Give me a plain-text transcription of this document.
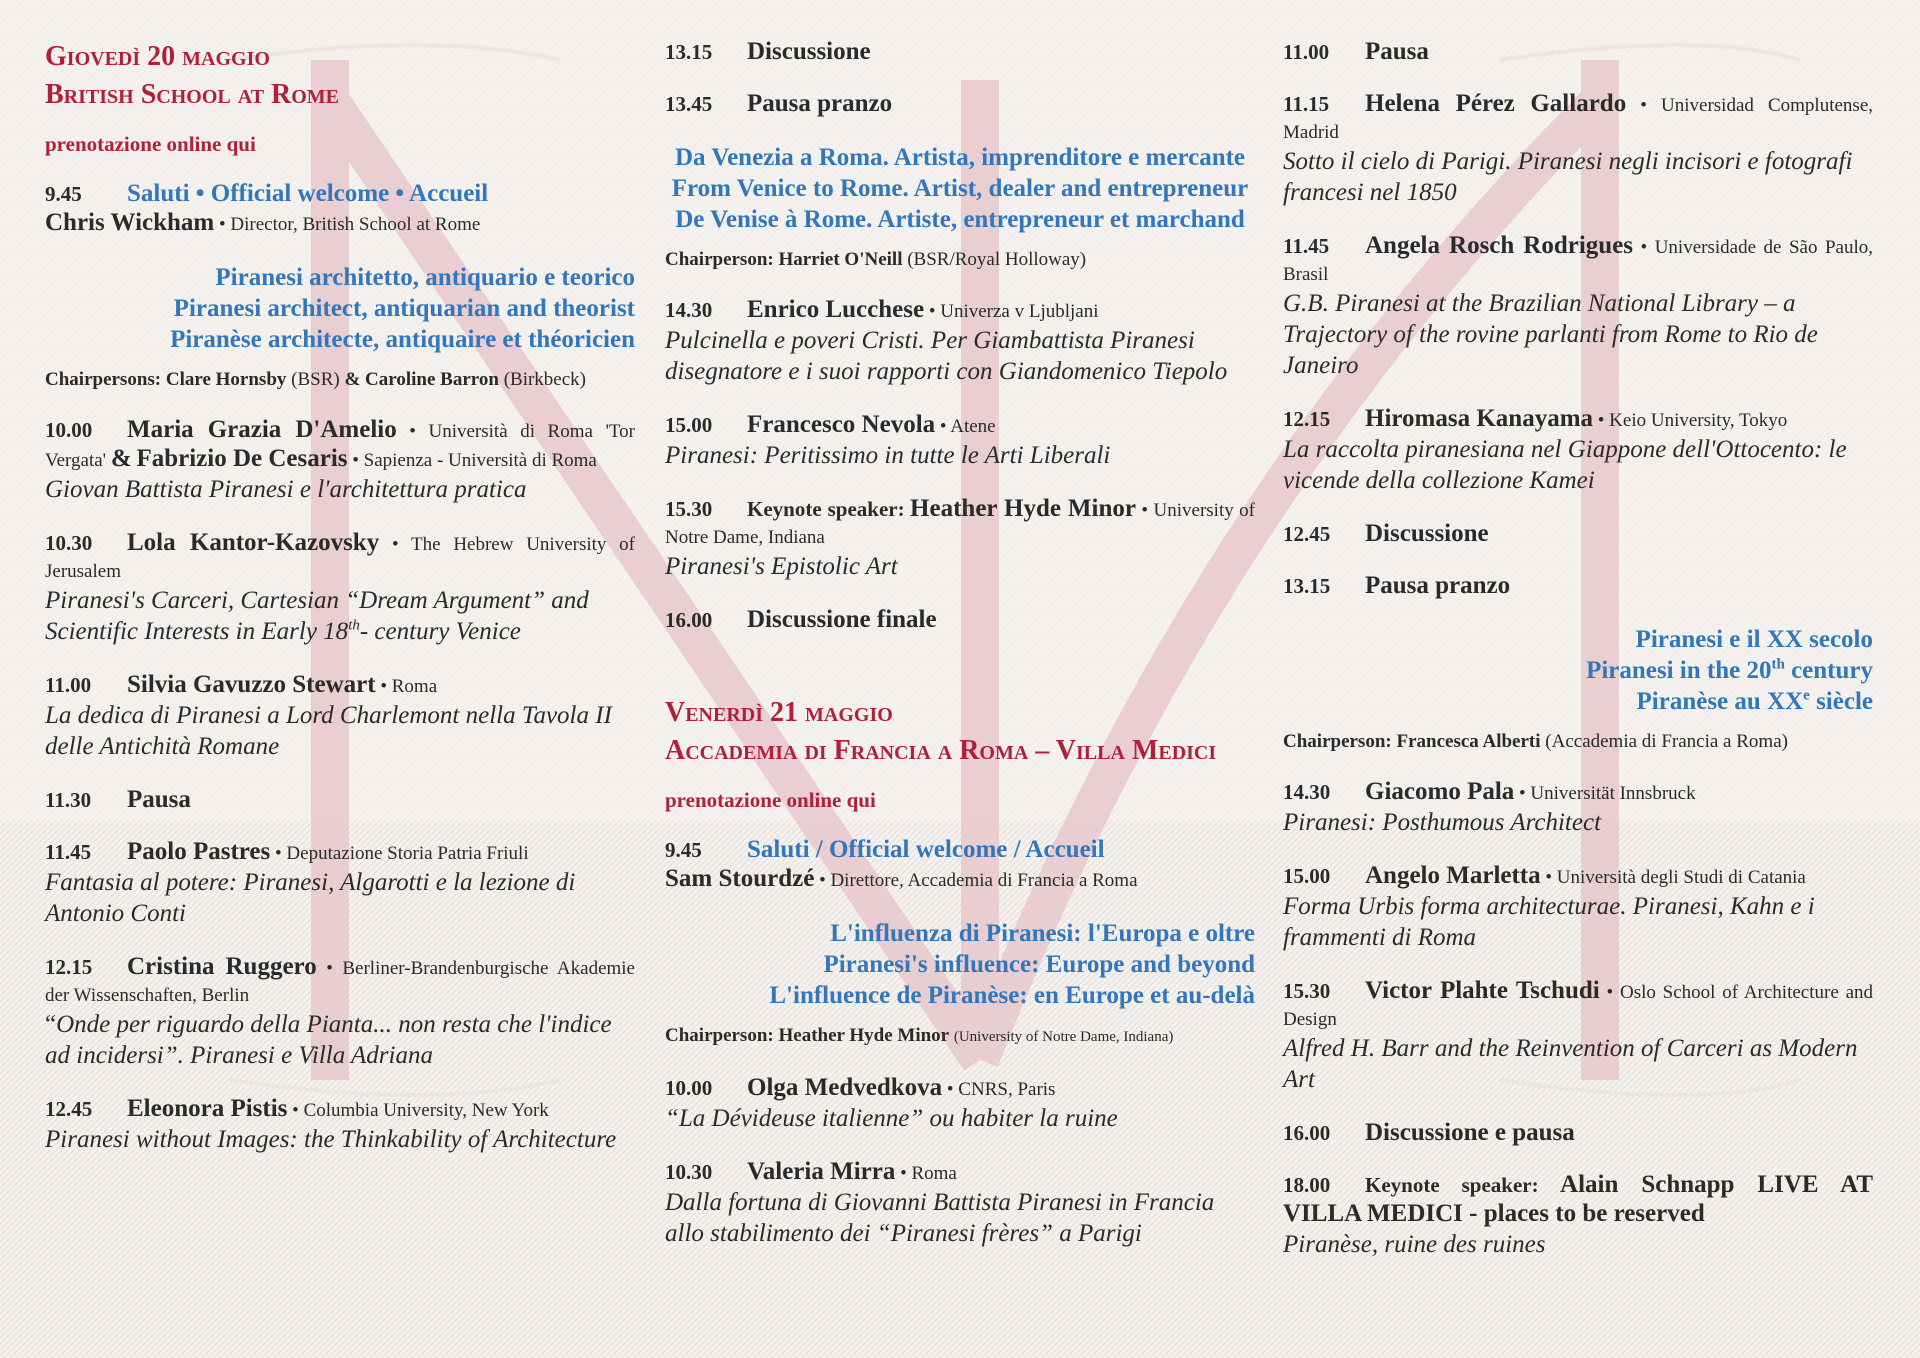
Giovedì 20 maggio
British School at Rome
prenotazione online qui
9.45 Saluti • Official welcome • Accueil
Chris Wickham • Director, British School at Rome
Piranesi architetto, antiquario e teorico
Piranesi architect, antiquarian and theorist
Piranèse architecte, antiquaire et théoricien
Chairpersons: Clare Hornsby (BSR) & Caroline Barron (Birkbeck)
10.00 Maria Grazia D'Amelio • Università di Roma 'Tor Vergata' & Fabrizio De Cesaris • Sapienza - Università di Roma
Giovan Battista Piranesi e l'architettura pratica
10.30 Lola Kantor-Kazovsky • The Hebrew University of Jerusalem
Piranesi's Carceri, Cartesian “Dream Argument” and Scientific Interests in Early 18th- century Venice
11.00 Silvia Gavuzzo Stewart • Roma
La dedica di Piranesi a Lord Charlemont nella Tavola II delle Antichità Romane
11.30 Pausa
11.45 Paolo Pastres • Deputazione Storia Patria Friuli
Fantasia al potere: Piranesi, Algarotti e la lezione di Antonio Conti
12.15 Cristina Ruggero • Berliner-Brandenburgische Akademie der Wissenschaften, Berlin
“Onde per riguardo della Pianta... non resta che l'indice ad incidersi”. Piranesi e Villa Adriana
12.45 Eleonora Pistis • Columbia University, New York
Piranesi without Images: the Thinkability of Architecture
13.15 Discussione
13.45 Pausa pranzo
Da Venezia a Roma. Artista, imprenditore e mercante
From Venice to Rome. Artist, dealer and entrepreneur
De Venise à Rome. Artiste, entrepreneur et marchand
Chairperson: Harriet O'Neill (BSR/Royal Holloway)
14.30 Enrico Lucchese • Univerza v Ljubljani
Pulcinella e poveri Cristi. Per Giambattista Piranesi disegnatore e i suoi rapporti con Giandomenico Tiepolo
15.00 Francesco Nevola • Atene
Piranesi: Peritissimo in tutte le Arti Liberali
15.30 Keynote speaker: Heather Hyde Minor • University of Notre Dame, Indiana
Piranesi's Epistolic Art
16.00 Discussione finale
Venerdì 21 maggio
Accademia di Francia a Roma – Villa Medici
prenotazione online qui
9.45 Saluti / Official welcome / Accueil
Sam Stourdzé • Direttore, Accademia di Francia a Roma
L'influenza di Piranesi: l'Europa e oltre
Piranesi's influence: Europe and beyond
L'influence de Piranèse: en Europe et au-delà
Chairperson: Heather Hyde Minor (University of Notre Dame, Indiana)
10.00 Olga Medvedkova • CNRS, Paris
“La Dévideuse italienne” ou habiter la ruine
10.30 Valeria Mirra • Roma
Dalla fortuna di Giovanni Battista Piranesi in Francia allo stabilimento dei “Piranesi frères” a Parigi
11.00 Pausa
11.15 Helena Pérez Gallardo • Universidad Complutense, Madrid
Sotto il cielo di Parigi. Piranesi negli incisori e fotografi francesi nel 1850
11.45 Angela Rosch Rodrigues • Universidade de São Paulo, Brasil
G.B. Piranesi at the Brazilian National Library – a Trajectory of the rovine parlanti from Rome to Rio de Janeiro
12.15 Hiromasa Kanayama • Keio University, Tokyo
La raccolta piranesiana nel Giappone dell'Ottocento: le vicende della collezione Kamei
12.45 Discussione
13.15 Pausa pranzo
Piranesi e il XX secolo
Piranesi in the 20th century
Piranèse au XXe siècle
Chairperson: Francesca Alberti (Accademia di Francia a Roma)
14.30 Giacomo Pala • Universität Innsbruck
Piranesi: Posthumous Architect
15.00 Angelo Marletta • Università degli Studi di Catania
Forma Urbis forma architecturae. Piranesi, Kahn e i frammenti di Roma
15.30 Victor Plahte Tschudi • Oslo School of Architecture and Design
Alfred H. Barr and the Reinvention of Carceri as Modern Art
16.00 Discussione e pausa
18.00 Keynote speaker: Alain Schnapp LIVE AT VILLA MEDICI - places to be reserved
Piranèse, ruine des ruines
